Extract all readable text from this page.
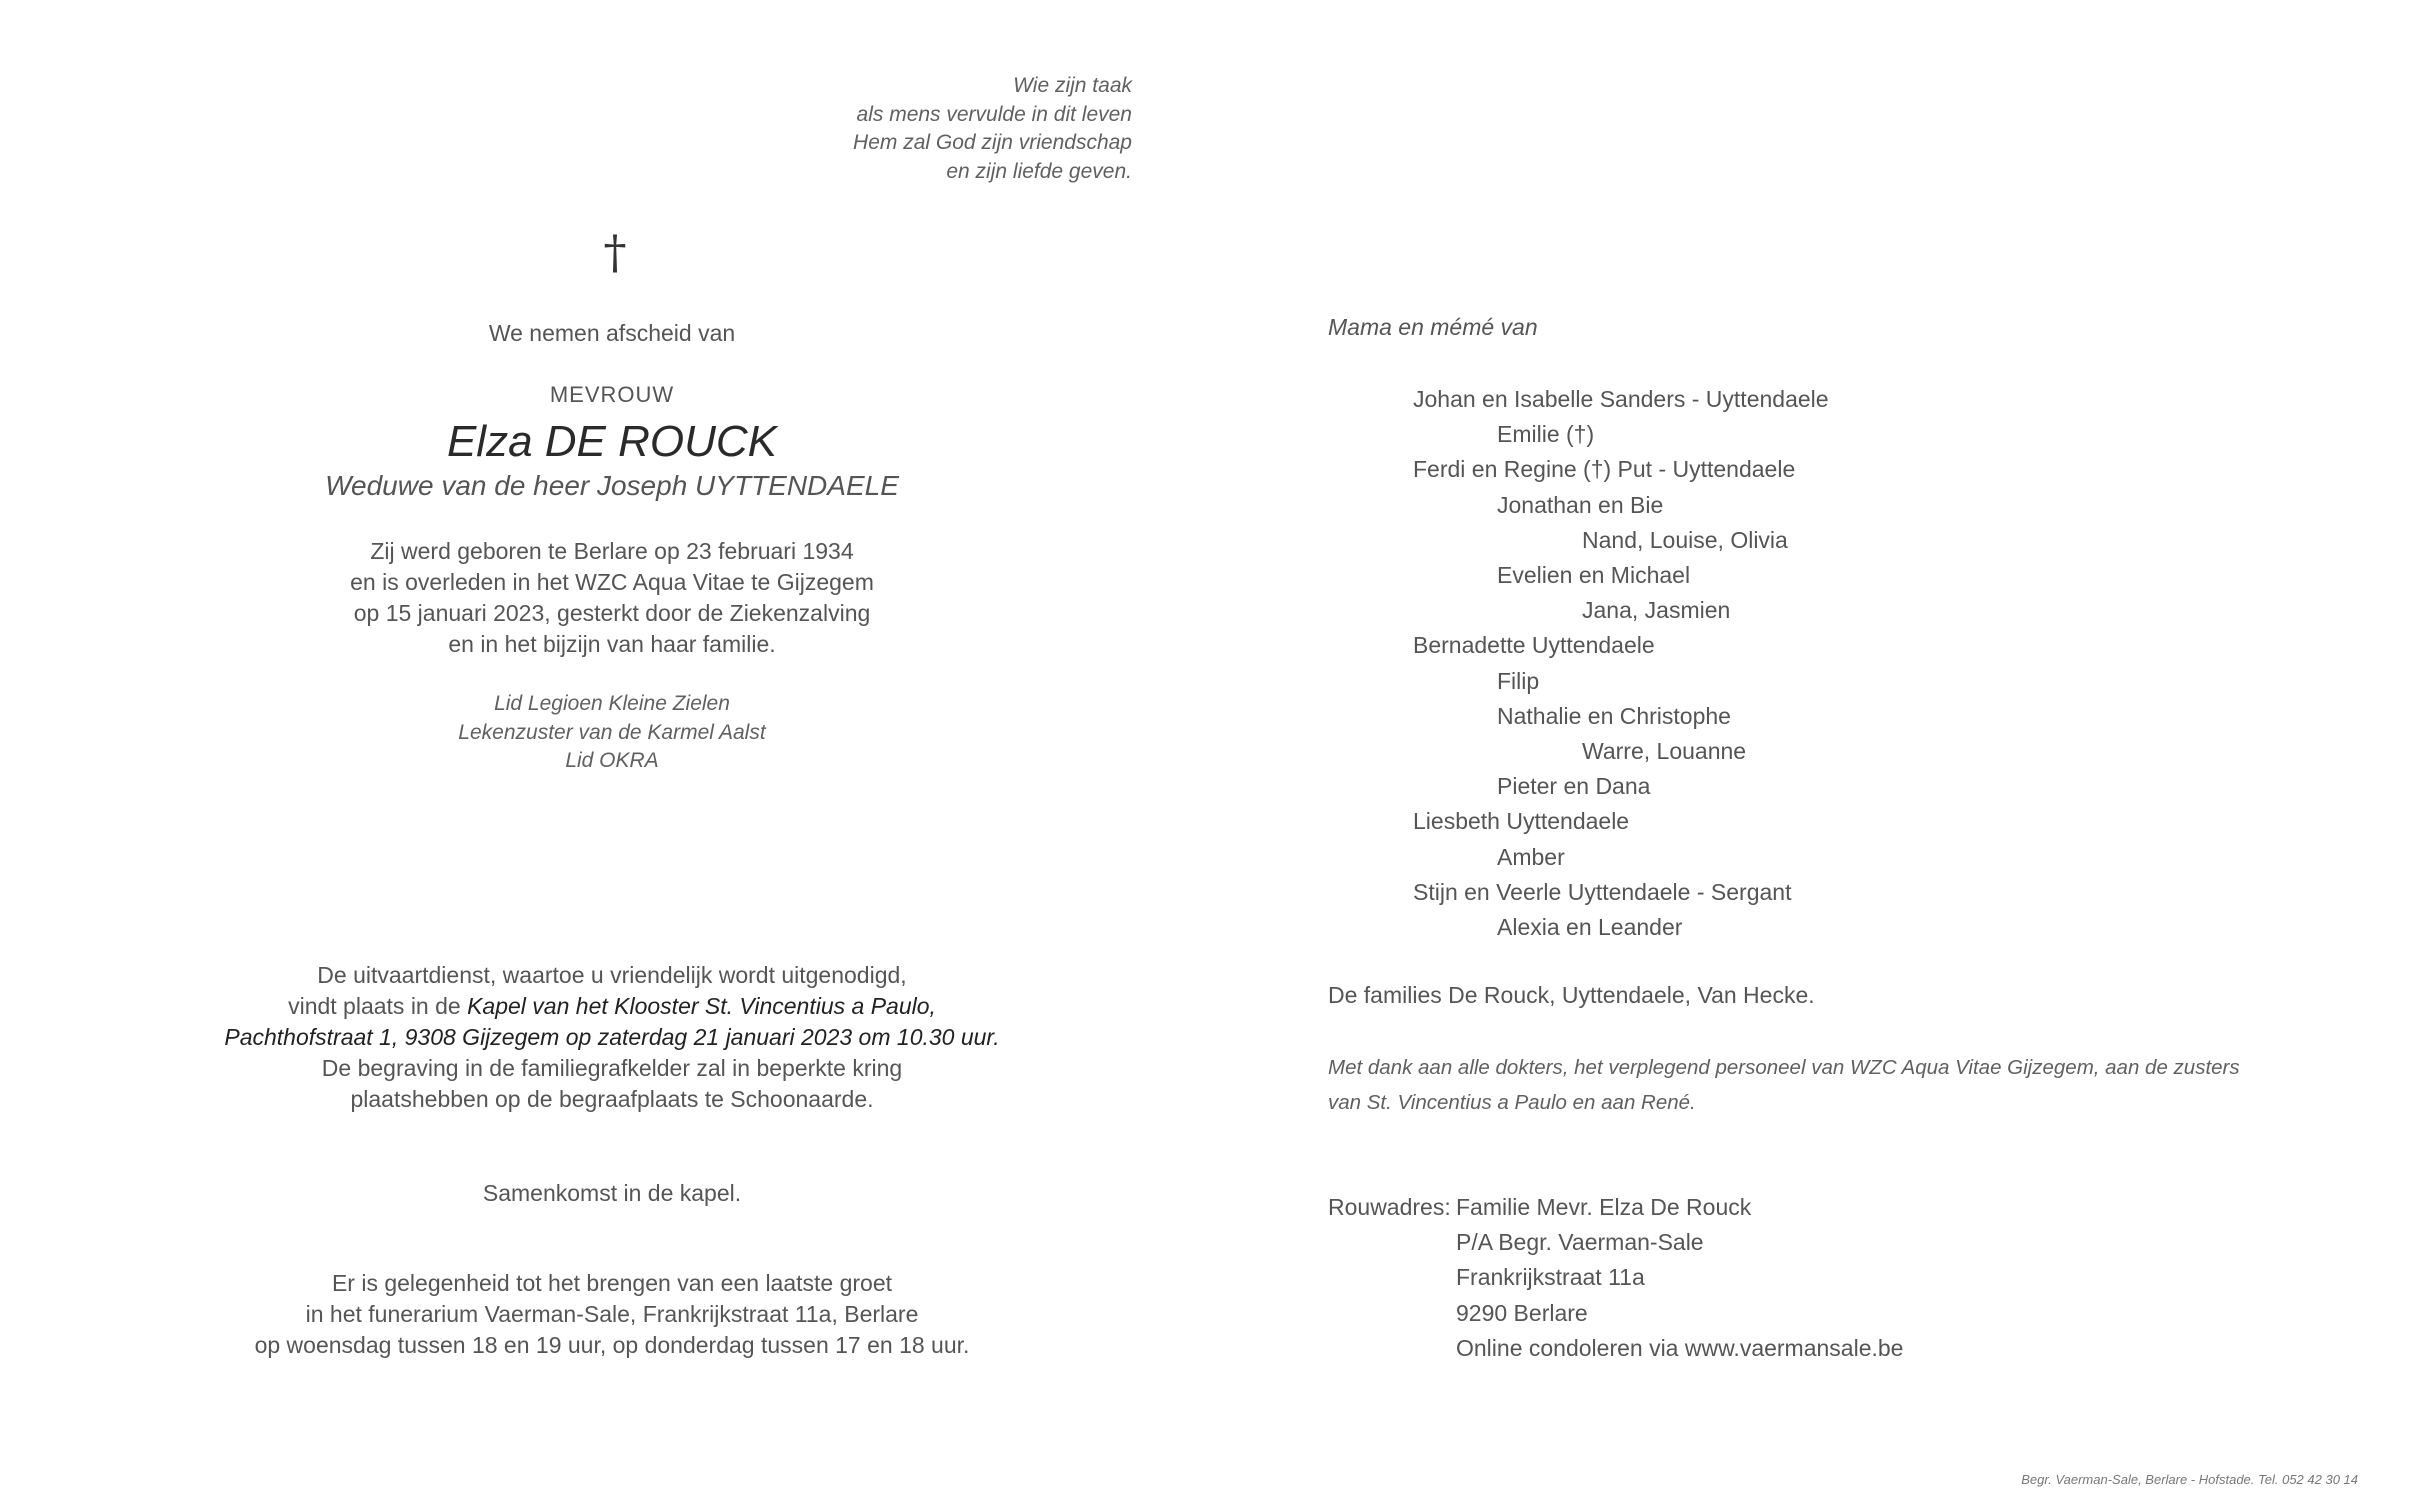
Wie zijn taak
als mens vervulde in dit leven
Hem zal God zijn vriendschap
en zijn liefde geven.
†
We nemen afscheid van
MEVROUW
Elza DE ROUCK
Weduwe van de heer Joseph UYTTENDAELE
Zij werd geboren te Berlare op 23 februari 1934
en is overleden in het WZC Aqua Vitae te Gijzegem
op 15 januari 2023, gesterkt door de Ziekenzalving
en in het bijzijn van haar familie.
Lid Legioen Kleine Zielen
Lekenzuster van de Karmel Aalst
Lid OKRA
De uitvaartdienst, waartoe u vriendelijk wordt uitgenodigd,
vindt plaats in de Kapel van het Klooster St. Vincentius a Paulo,
Pachthofstraat 1, 9308 Gijzegem op zaterdag 21 januari 2023 om 10.30 uur.
De begraving in de familiegrafkelder zal in beperkte kring
plaatshebben op de begraafplaats te Schoonaarde.
Samenkomst in de kapel.
Er is gelegenheid tot het brengen van een laatste groet
in het funerarium Vaerman-Sale, Frankrijkstraat 11a, Berlare
op woensdag tussen 18 en 19 uur, op donderdag tussen 17 en 18 uur.
Mama en mémé van
Johan en Isabelle Sanders - Uyttendaele
Emilie (†)
Ferdi en Regine (†) Put - Uyttendaele
Jonathan en Bie
Nand, Louise, Olivia
Evelien en Michael
Jana, Jasmien
Bernadette Uyttendaele
Filip
Nathalie en Christophe
Warre, Louanne
Pieter en Dana
Liesbeth Uyttendaele
Amber
Stijn en Veerle Uyttendaele - Sergant
Alexia en Leander
De families De Rouck, Uyttendaele, Van Hecke.
Met dank aan alle dokters, het verplegend personeel van WZC Aqua Vitae Gijzegem, aan de zusters
van St. Vincentius a Paulo en aan René.
Rouwadres: Familie Mevr. Elza De Rouck
P/A Begr. Vaerman-Sale
Frankrijkstraat 11a
9290 Berlare
Online condoleren via www.vaermansale.be
Begr. Vaerman-Sale, Berlare - Hofstade. Tel. 052 42 30 14
